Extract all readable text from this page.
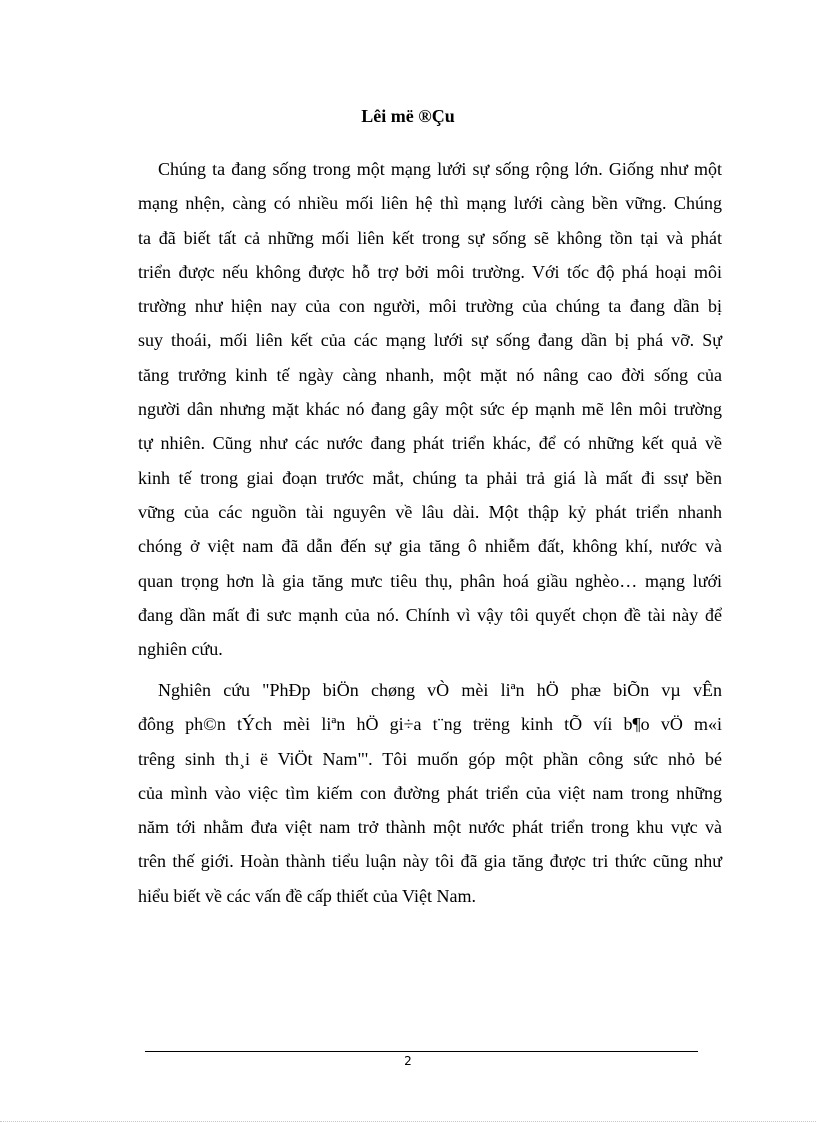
Lêi më ®Çu

Chúng ta đang sống trong một mạng lưới sự sống rộng lớn. Giống như một
mạng nhện, càng có nhiều mối liên hệ thì mạng lưới càng bền vững. Chúng
ta đã biết tất cả những mối liên kết trong sự sống sẽ không tồn tại và phát
triển được nếu không được hỗ trợ bởi môi trường. Với tốc độ phá hoại môi
trường như hiện nay của con người, môi trường của chúng ta đang dần bị
suy thoái, mối liên kết của các mạng lưới sự sống đang dần bị phá vỡ. Sự
tăng trưởng kinh tế ngày càng nhanh, một mặt nó nâng cao đời sống của
người dân nhưng mặt khác nó đang gây một sức ép mạnh mẽ lên môi trường
tự nhiên. Cũng như các nước đang phát triển khác, để có những kết quả về
kinh tế trong giai đoạn trước mắt, chúng ta phải trả giá là mất đi ssự bền
vững của các nguồn tài nguyên về lâu dài. Một thập kỷ phát triển nhanh
chóng ở việt nam đã dẫn đến sự gia tăng ô nhiễm đất, không khí, nước và
quan trọng hơn là gia tăng mưc tiêu thụ, phân hoá giầu nghèo… mạng lưới
đang dần mất đi sưc mạnh của nó. Chính vì vậy tôi quyết chọn đề tài này để
nghiên cứu.

Nghiên cứu "PhÐp biÖn chøng vÒ mèi liªn hÖ phæ biÕn vµ vÊn
đông ph©n tÝch mèi liªn hÖ gi÷a t¨ng trëng kinh tÕ víi b¶o vÖ m«i
trêng sinh th¸i ë ViÖt Nam"'. Tôi muốn góp một phần công sức nhỏ bé
của mình vào việc tìm kiếm con đường phát triển của việt nam trong những
năm tới nhằm đưa việt nam trở thành một nước phát triển trong khu vực và
trên thế giới. Hoàn thành tiểu luận này tôi đã gia tăng được tri thức cũng như
hiểu biết về các vấn đề cấp thiết của Việt Nam.

2
